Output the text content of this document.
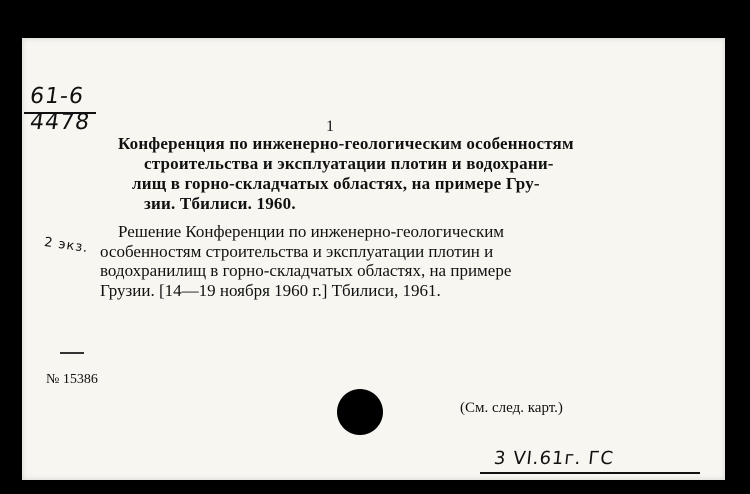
61-6
4478	1
Конференция по инженерно-геологическим особенностям
строительства и эксплуатации плотин и водохрани-
лищ в горно-складчатых областях, на примере Гру-
зии. Тбилиси. 1960.
2 экз.
Решение Конференции по инженерно-геологическим
особенностям строительства и эксплуатации плотин и
водохранилищ в горно-складчатых областях, на примере
Грузии. [14—19 ноября 1960 г.] Тбилиси, 1961.
№ 15386
(См. след. карт.)
3 VI.61г. ГС
